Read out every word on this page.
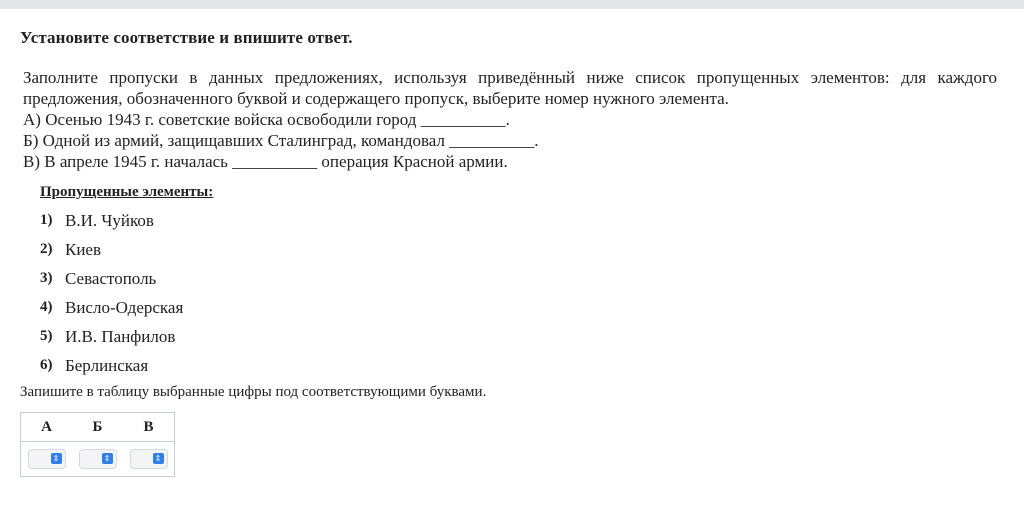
Установите соответствие и впишите ответ.

Заполните пропуски в данных предложениях, используя приведённый ниже список пропущенных элементов: для каждого предложения, обозначенного буквой и содержащего пропуск, выберите номер нужного элемента.

А) Осенью 1943 г. советские войска освободили город __________.
Б) Одной из армий, защищавших Сталинград, командовал __________.
В) В апреле 1945 г. началась __________ операция Красной армии.
Пропущенные элементы:
1) В.И. Чуйков
2) Киев
3) Севастополь
4) Висло-Одерская
5) И.В. Панфилов
6) Берлинская
Запишите в таблицу выбранные цифры под соответствующими буквами.
А	Б	В

⇕	⇕	⇕
